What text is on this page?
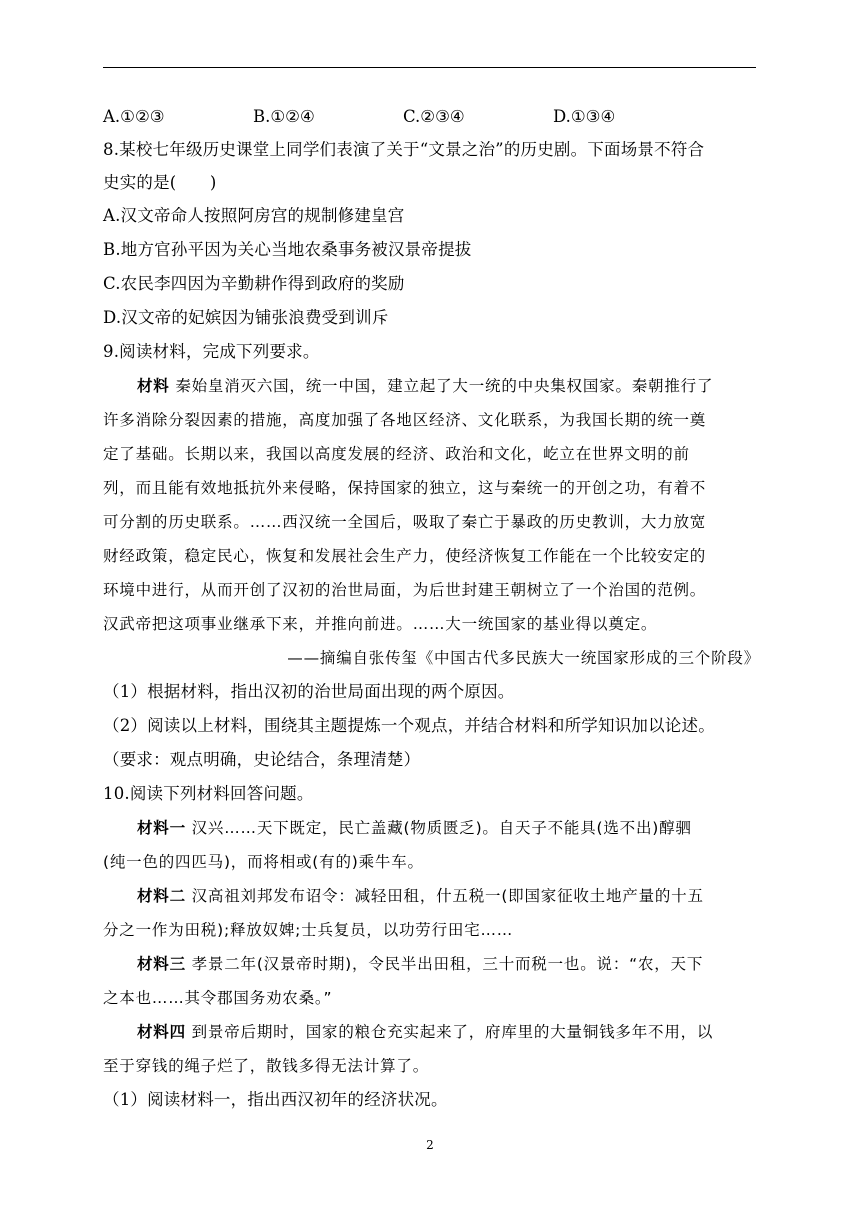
A.①②③	B.①②④	C.②③④	D.①③④
8.某校七年级历史课堂上同学们表演了关于“文景之治”的历史剧。下面场景不符合
史实的是(　　)
A.汉文帝命人按照阿房宫的规制修建皇宫
B.地方官孙平因为关心当地农桑事务被汉景帝提拔
C.农民李四因为辛勤耕作得到政府的奖励
D.汉文帝的妃嫔因为铺张浪费受到训斥
9.阅读材料，完成下列要求。
材料 秦始皇消灭六国，统一中国，建立起了大一统的中央集权国家。秦朝推行了
许多消除分裂因素的措施，高度加强了各地区经济、文化联系，为我国长期的统一奠
定了基础。长期以来，我国以高度发展的经济、政治和文化，屹立在世界文明的前
列，而且能有效地抵抗外来侵略，保持国家的独立，这与秦统一的开创之功，有着不
可分割的历史联系。……西汉统一全国后，吸取了秦亡于暴政的历史教训，大力放宽
财经政策，稳定民心，恢复和发展社会生产力，使经济恢复工作能在一个比较安定的
环境中进行，从而开创了汉初的治世局面，为后世封建王朝树立了一个治国的范例。
汉武帝把这项事业继承下来，并推向前进。……大一统国家的基业得以奠定。
——摘编自张传玺《中国古代多民族大一统国家形成的三个阶段》
（1）根据材料，指出汉初的治世局面出现的两个原因。
（2）阅读以上材料，围绕其主题提炼一个观点，并结合材料和所学知识加以论述。
（要求：观点明确，史论结合，条理清楚）
10.阅读下列材料回答问题。
材料一 汉兴……天下既定，民亡盖藏(物质匮乏)。自天子不能具(选不出)醇驷
(纯一色的四匹马)，而将相或(有的)乘牛车。
材料二 汉高祖刘邦发布诏令：减轻田租，什五税一(即国家征收土地产量的十五
分之一作为田税);释放奴婢;士兵复员，以功劳行田宅……
材料三 孝景二年(汉景帝时期)，令民半出田租，三十而税一也。说：“农，天下
之本也……其令郡国务劝农桑。”
材料四 到景帝后期时，国家的粮仓充实起来了，府库里的大量铜钱多年不用，以
至于穿钱的绳子烂了，散钱多得无法计算了。
（1）阅读材料一，指出西汉初年的经济状况。
2
